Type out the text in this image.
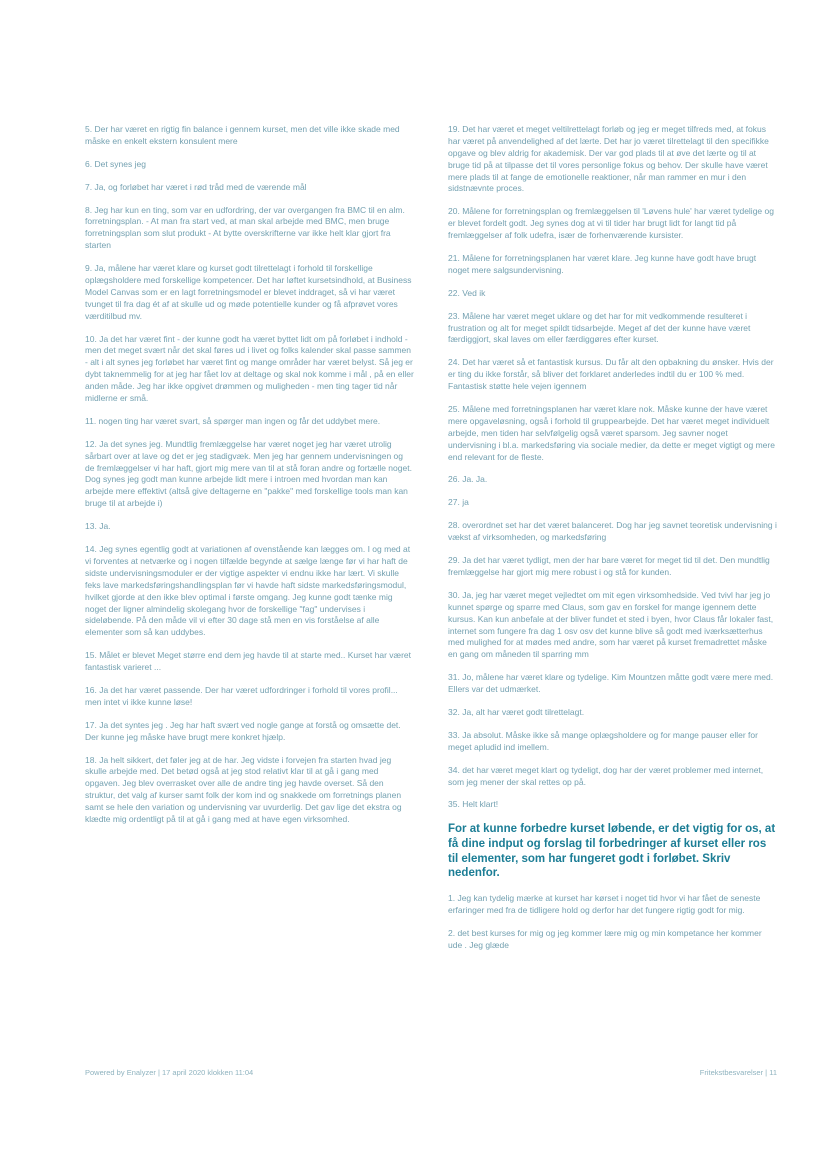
5. Der har været en rigtig fin balance i gennem kurset, men det ville ikke skade med måske en enkelt ekstern konsulent mere
6. Det synes jeg
7. Ja, og forløbet har været i rød tråd med de værende mål
8. Jeg har kun en ting, som var en udfordring, der var overgangen fra BMC til en alm. forretningsplan. - At man fra start ved, at man skal arbejde med BMC, men bruge forretningsplan som slut produkt - At bytte overskrifterne var ikke helt klar gjort fra starten
9. Ja, målene har været klare og kurset godt tilrettelagt i forhold til forskellige oplægsholdere med forskellige kompetencer. Det har løftet kursetsindhold, at Business Model Canvas som er en lagt forretningsmodel er blevet inddraget, så vi har været tvunget til fra dag ét af at skulle ud og møde potentielle kunder og få afprøvet vores værditilbud mv.
10. Ja det har været fint - der kunne godt ha været byttet lidt om på forløbet i indhold - men det meget svært når det skal føres ud i livet og folks kalender skal passe sammen - alt i alt synes jeg forløbet har været fint og mange områder har været belyst. Så jeg er dybt taknemmelig for at jeg har fået lov at deltage og skal nok komme i mål , på en eller anden måde. Jeg har ikke opgivet drømmen og muligheden - men ting tager tid når midlerne er små.
11. nogen ting har været svart, så spørger man ingen og får det uddybet mere.
12. Ja det synes jeg. Mundtlig fremlæggelse har været noget jeg har været utrolig sårbart over at lave og det er jeg stadigvæk. Men jeg har gennem undervisningen og de fremlæggelser vi har haft, gjort mig mere van til at stå foran andre og fortælle noget. Dog synes jeg godt man kunne arbejde lidt mere i introen med hvordan man kan arbejde mere effektivt (altså give deltagerne en "pakke" med forskellige tools man kan bruge til at arbejde i)
13. Ja.
14. Jeg synes egentlig godt at variationen af ovenstående kan lægges om. I og med at vi forventes at netværke og i nogen tilfælde begynde at sælge længe før vi har haft de sidste undervisningsmoduler er der vigtige aspekter vi endnu ikke har lært. Vi skulle feks lave markedsføringshandlingsplan før vi havde haft sidste markedsføringsmodul, hvilket gjorde at den ikke blev optimal i første omgang. Jeg kunne godt tænke mig noget der ligner almindelig skolegang hvor de forskellige "fag" undervises i sideløbende. På den måde vil vi efter 30 dage stå men en vis forståelse af alle elementer som så kan uddybes.
15. Målet er blevet Meget større end dem jeg havde til at starte med.. Kurset har været fantastisk varieret ...
16. Ja det har været passende. Der har været udfordringer i forhold til vores profil... men intet vi ikke kunne løse!
17. Ja det syntes jeg . Jeg har haft svært ved nogle gange at forstå og omsætte det. Der kunne jeg måske have brugt mere konkret hjælp.
18. Ja helt sikkert, det føler jeg at de har. Jeg vidste i forvejen fra starten hvad jeg skulle arbejde med. Det betød også at jeg stod relativt klar til at gå i gang med opgaven. Jeg blev overrasket over alle de andre ting jeg havde overset. Så den struktur, det valg af kurser samt folk der kom ind og snakkede om forretnings planen samt se hele den variation og undervisning var uvurderlig. Det gav lige det ekstra og klædte mig ordentligt på til at gå i gang med at have egen virksomhed.
19. Det har været et meget veltilrettelagt forløb og jeg er meget tilfreds med, at fokus har været på anvendelighed af det lærte. Det har jo været tilrettelagt til den specifikke opgave og blev aldrig for akademisk. Der var god plads til at øve det lærte og til at bruge tid på at tilpasse det til vores personlige fokus og behov. Der skulle have været mere plads til at fange de emotionelle reaktioner, når man rammer en mur i den sidstnævnte proces.
20. Målene for forretningsplan og fremlæggelsen til 'Løvens hule' har været tydelige og er blevet fordelt godt. Jeg synes dog at vi til tider har brugt lidt for langt tid på fremlæggelser af folk udefra, især de forhenværende kursister.
21. Målene for forretningsplanen har været klare. Jeg kunne have godt have brugt noget mere salgsundervisning.
22. Ved ik
23. Målene har været meget uklare og det har for mit vedkommende resulteret i frustration og alt for meget spildt tidsarbejde. Meget af det der kunne have været færdiggjort, skal laves om eller færdiggøres efter kurset.
24. Det har været så et fantastisk kursus. Du får alt den opbakning du ønsker. Hvis der er ting du ikke forstår, så bliver det forklaret anderledes indtil du er 100 % med. Fantastisk støtte hele vejen igennem
25. Målene med forretningsplanen har været klare nok. Måske kunne der have været mere opgaveløsning, også i forhold til gruppearbejde. Det har været meget individuelt arbejde, men tiden har selvfølgelig også været sparsom. Jeg savner noget undervisning i bl.a. markedsføring via sociale medier, da dette er meget vigtigt og mere end relevant for de fleste.
26. Ja. Ja.
27. ja
28. overordnet set har det været balanceret. Dog har jeg savnet teoretisk undervisning i vækst af virksomheden, og markedsføring
29. Ja det har været tydligt, men der har bare været for meget tid til det. Den mundtlig fremlæggelse har gjort mig mere robust i og stå for kunden.
30. Ja, jeg har været meget vejledtet om mit egen virksomhedside. Ved tvivl har jeg jo kunnet spørge og sparre med Claus, som gav en forskel for mange igennem dette kursus. Kan kun anbefale at der bliver fundet et sted i byen, hvor Claus får lokaler fast, internet som fungere fra dag 1 osv osv det kunne blive så godt med iværksætterhus med mulighed for at mødes med andre, som har været på kurset fremadrettet måske en gang om måneden til sparring mm
31. Jo, målene har været klare og tydelige. Kim Mountzen måtte godt være mere med. Ellers var det udmærket.
32. Ja, alt har været godt tilrettelagt.
33. Ja absolut. Måske ikke så mange oplægsholdere og for mange pauser eller for meget apludid ind imellem.
34. det har været meget klart og tydeligt, dog har der været problemer med internet, som jeg mener der skal rettes op på.
35. Helt klart!
For at kunne forbedre kurset løbende, er det vigtig for os, at få dine indput og forslag til forbedringer af kurset eller ros til elementer, som har fungeret godt i forløbet. Skriv nedenfor.
1. Jeg kan tydelig mærke at kurset har kørset i noget tid hvor vi har fået de seneste erfaringer med fra de tidligere hold og derfor har det fungere rigtig godt for mig.
2. det best kurses for mig og jeg kommer lære mig og min kompetance her kommer ude . Jeg glæde
Powered by Enalyzer | 17 april 2020 klokken 11:04	Fritekstbesvarelser | 11
